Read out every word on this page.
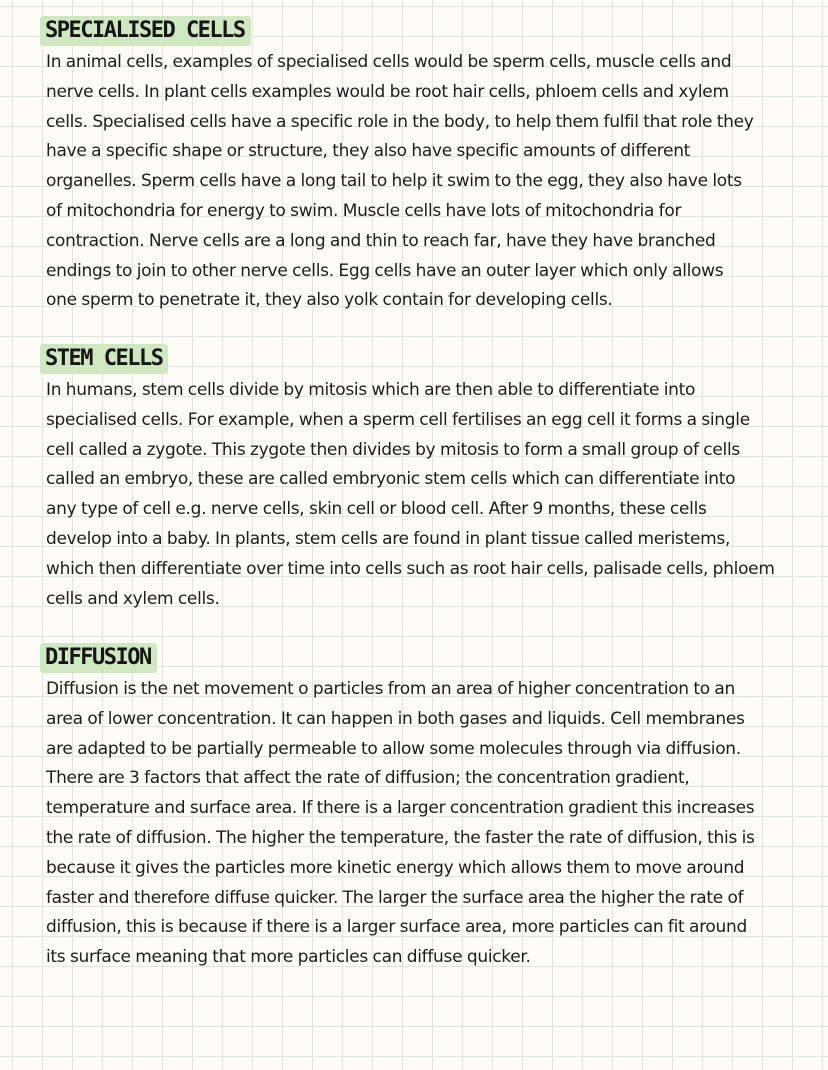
SPECIALISED CELLS
In animal cells, examples of specialised cells would be sperm cells, muscle cells and
nerve cells. In plant cells examples would be root hair cells, phloem cells and xylem
cells. Specialised cells have a specific role in the body, to help them fulfil that role they
have a specific shape or structure, they also have specific amounts of different
organelles. Sperm cells have a long tail to help it swim to the egg, they also have lots
of mitochondria for energy to swim. Muscle cells have lots of mitochondria for
contraction. Nerve cells are a long and thin to reach far, have they have branched
endings to join to other nerve cells. Egg cells have an outer layer which only allows
one sperm to penetrate it, they also yolk contain for developing cells.
STEM CELLS
In humans, stem cells divide by mitosis which are then able to differentiate into
specialised cells. For example, when a sperm cell fertilises an egg cell it forms a single
cell called a zygote. This zygote then divides by mitosis to form a small group of cells
called an embryo, these are called embryonic stem cells which can differentiate into
any type of cell e.g. nerve cells, skin cell or blood cell. After 9 months, these cells
develop into a baby. In plants, stem cells are found in plant tissue called meristems,
which then differentiate over time into cells such as root hair cells, palisade cells, phloem
cells and xylem cells.
DIFFUSION
Diffusion is the net movement o particles from an area of higher concentration to an
area of lower concentration. It can happen in both gases and liquids. Cell membranes
are adapted to be partially permeable to allow some molecules through via diffusion.
There are 3 factors that affect the rate of diffusion; the concentration gradient,
temperature and surface area. If there is a larger concentration gradient this increases
the rate of diffusion. The higher the temperature, the faster the rate of diffusion, this is
because it gives the particles more kinetic energy which allows them to move around
faster and therefore diffuse quicker. The larger the surface area the higher the rate of
diffusion, this is because if there is a larger surface area, more particles can fit around
its surface meaning that more particles can diffuse quicker.
